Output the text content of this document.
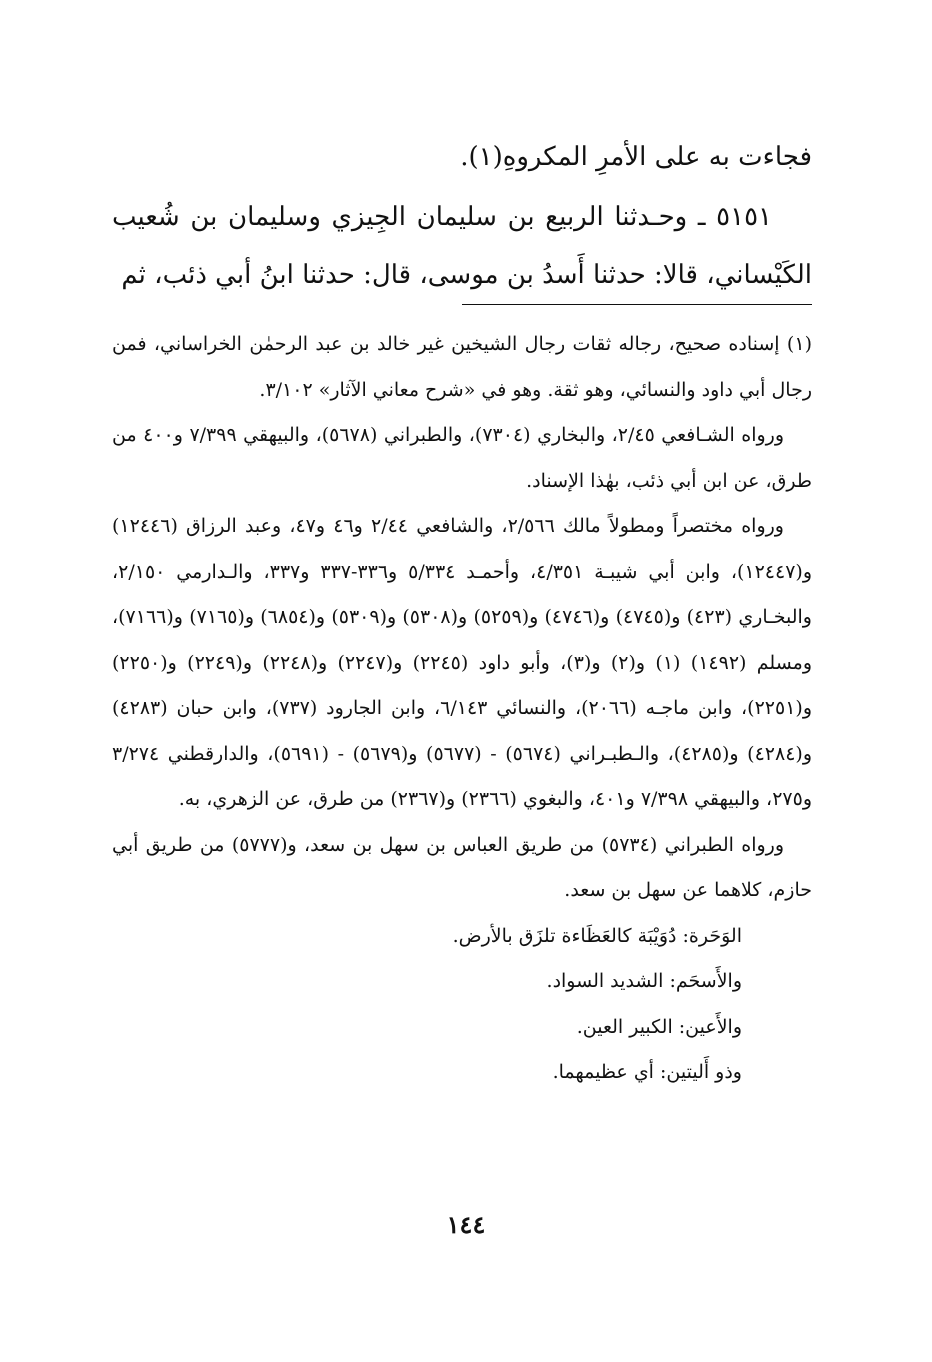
فجاءت به على الأمرِ المكروهِ(١).

٥١٥١ ـ وحـدثنا الربيع بن سليمان الجِيزي وسليمان بن شُعيب الكَيْساني، قالا: حدثنا أَسدُ بن موسى، قال: حدثنا ابنُ أبي ذئب، ثم

(١) إسناده صحيح، رجاله ثقات رجال الشيخين غير خالد بن عبد الرحمٰن الخراساني، فمن رجال أبي داود والنسائي، وهو ثقة. وهو في «شرح معاني الآثار» ٣/١٠٢.

ورواه الشـافعي ٢/٤٥، والبخاري (٧٣٠٤)، والطبراني (٥٦٧٨)، والبيهقي ٧/٣٩٩ و٤٠٠ من طرق، عن ابن أبي ذئب، بهٰذا الإسناد.

ورواه مختصراً ومطولاً مالك ٢/٥٦٦، والشافعي ٢/٤٤ و٤٦ و٤٧، وعبد الرزاق (١٢٤٤٦) و(١٢٤٤٧)، وابن أبي شيبـة ٤/٣٥١، وأحمـد ٥/٣٣٤ و٣٣٦-٣٣٧ و٣٣٧، والـدارمي ٢/١٥٠، والبخـاري (٤٢٣) و(٤٧٤٥) و(٤٧٤٦) و(٥٢٥٩) و(٥٣٠٨) و(٥٣٠٩) و(٦٨٥٤) و(٧١٦٥) و(٧١٦٦)، ومسلم (١٤٩٢) (١) و(٢) و(٣)، وأبو داود (٢٢٤٥) و(٢٢٤٧) و(٢٢٤٨) و(٢٢٤٩) و(٢٢٥٠) و(٢٢٥١)، وابن ماجـه (٢٠٦٦)، والنسائي ٦/١٤٣، وابن الجارود (٧٣٧)، وابن حبان (٤٢٨٣) و(٤٢٨٤) و(٤٢٨٥)، والـطبـراني (٥٦٧٤) - (٥٦٧٧) و(٥٦٧٩) - (٥٦٩١)، والدارقطني ٣/٢٧٤ و٢٧٥، والبيهقي ٧/٣٩٨ و٤٠١، والبغوي (٢٣٦٦) و(٢٣٦٧) من طرق، عن الزهري، به.

ورواه الطبراني (٥٧٣٤) من طريق العباس بن سهل بن سعد، و(٥٧٧٧) من طريق أبي حازم، كلاهما عن سهل بن سعد.

الوَحَرة: دُوَيْبَة كالعَظَاءة تلزَق بالأرض.

والأَسحَم: الشديد السواد.

والأَعين: الكبير العين.

وذو أَليتين: أي عظيمهما.

١٤٤
